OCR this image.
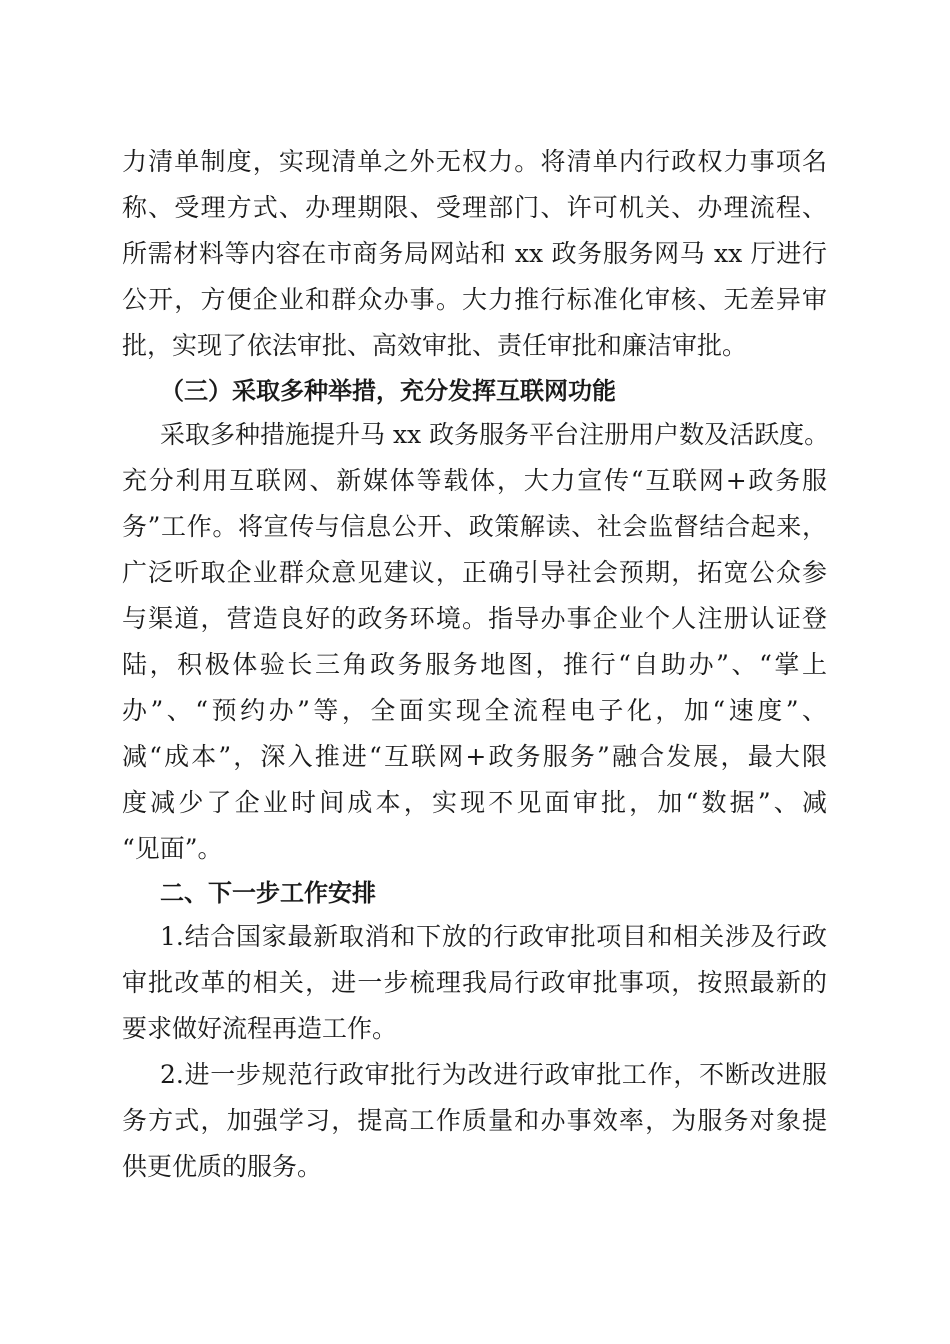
力清单制度，实现清单之外无权力。将清单内行政权力事项名
称、受理方式、办理期限、受理部门、许可机关、办理流程、
所需材料等内容在市商务局网站和 xx 政务服务网马 xx 厅进行
公开，方便企业和群众办事。大力推行标准化审核、无差异审
批，实现了依法审批、高效审批、责任审批和廉洁审批。
（三）采取多种举措，充分发挥互联网功能
采取多种措施提升马 xx 政务服务平台注册用户数及活跃度。
充分利用互联网、新媒体等载体，大力宣传“互联网+政务服
务”工作。将宣传与信息公开、政策解读、社会监督结合起来，
广泛听取企业群众意见建议，正确引导社会预期，拓宽公众参
与渠道，营造良好的政务环境。指导办事企业个人注册认证登
陆，积极体验长三角政务服务地图，推行“自助办”、“掌上
办”、“预约办”等，全面实现全流程电子化，加“速度”、
减“成本”，深入推进“互联网+政务服务”融合发展，最大限
度减少了企业时间成本，实现不见面审批，加“数据”、减
“见面”。
二、下一步工作安排
1.结合国家最新取消和下放的行政审批项目和相关涉及行政
审批改革的相关，进一步梳理我局行政审批事项，按照最新的
要求做好流程再造工作。
2.进一步规范行政审批行为改进行政审批工作，不断改进服
务方式，加强学习，提高工作质量和办事效率，为服务对象提
供更优质的服务。
